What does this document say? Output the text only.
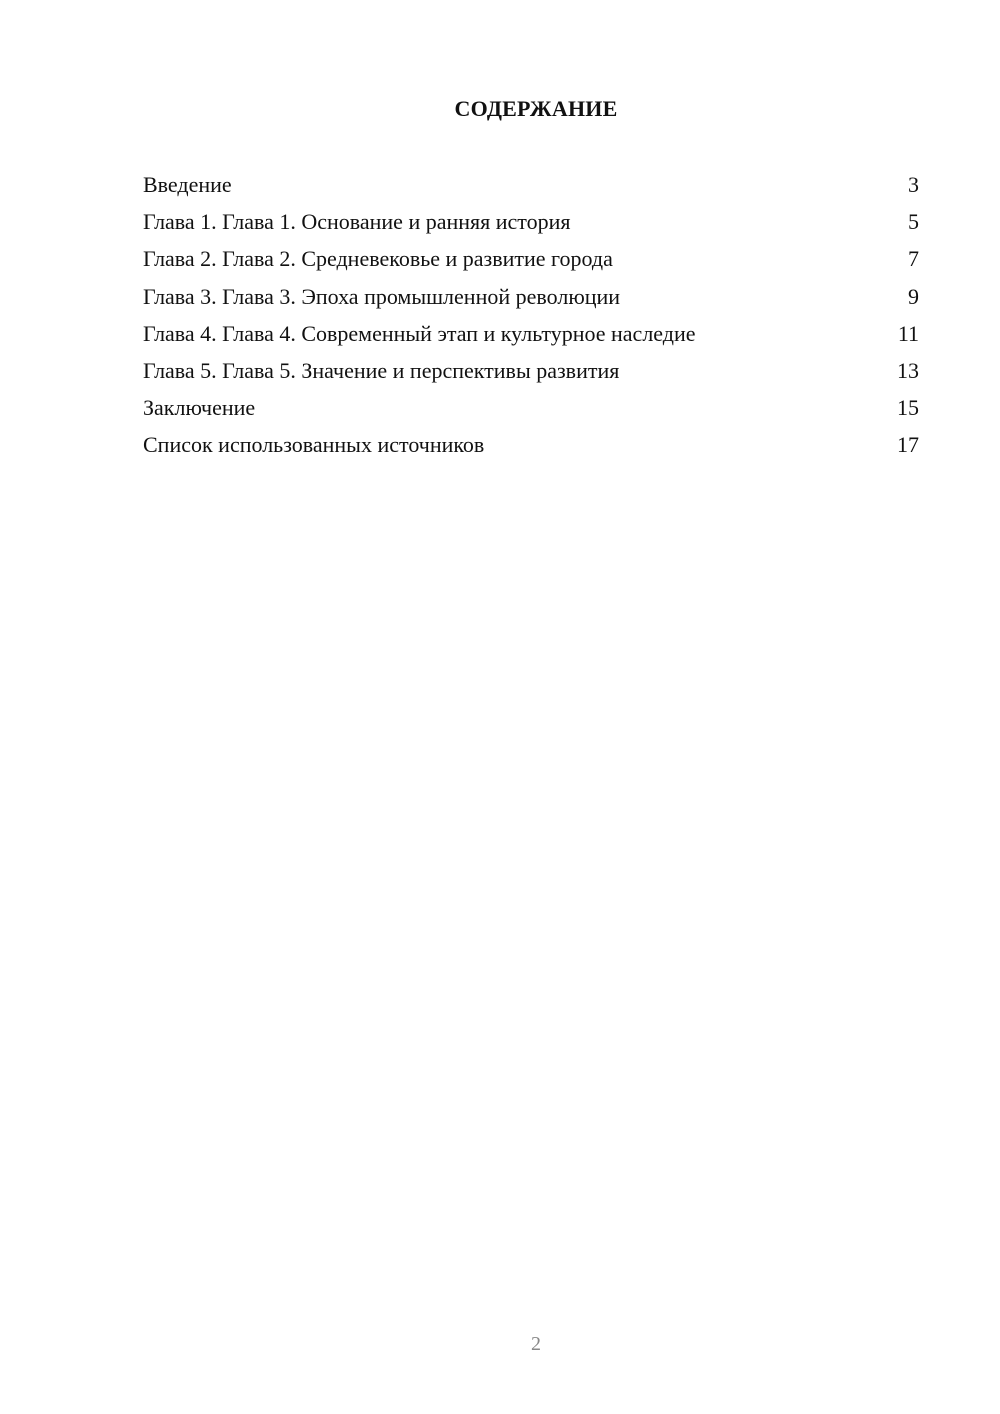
СОДЕРЖАНИЕ
Введение	3
Глава 1. Глава 1. Основание и ранняя история	5
Глава 2. Глава 2. Средневековье и развитие города	7
Глава 3. Глава 3. Эпоха промышленной революции	9
Глава 4. Глава 4. Современный этап и культурное наследие	11
Глава 5. Глава 5. Значение и перспективы развития	13
Заключение	15
Список использованных источников	17
2
